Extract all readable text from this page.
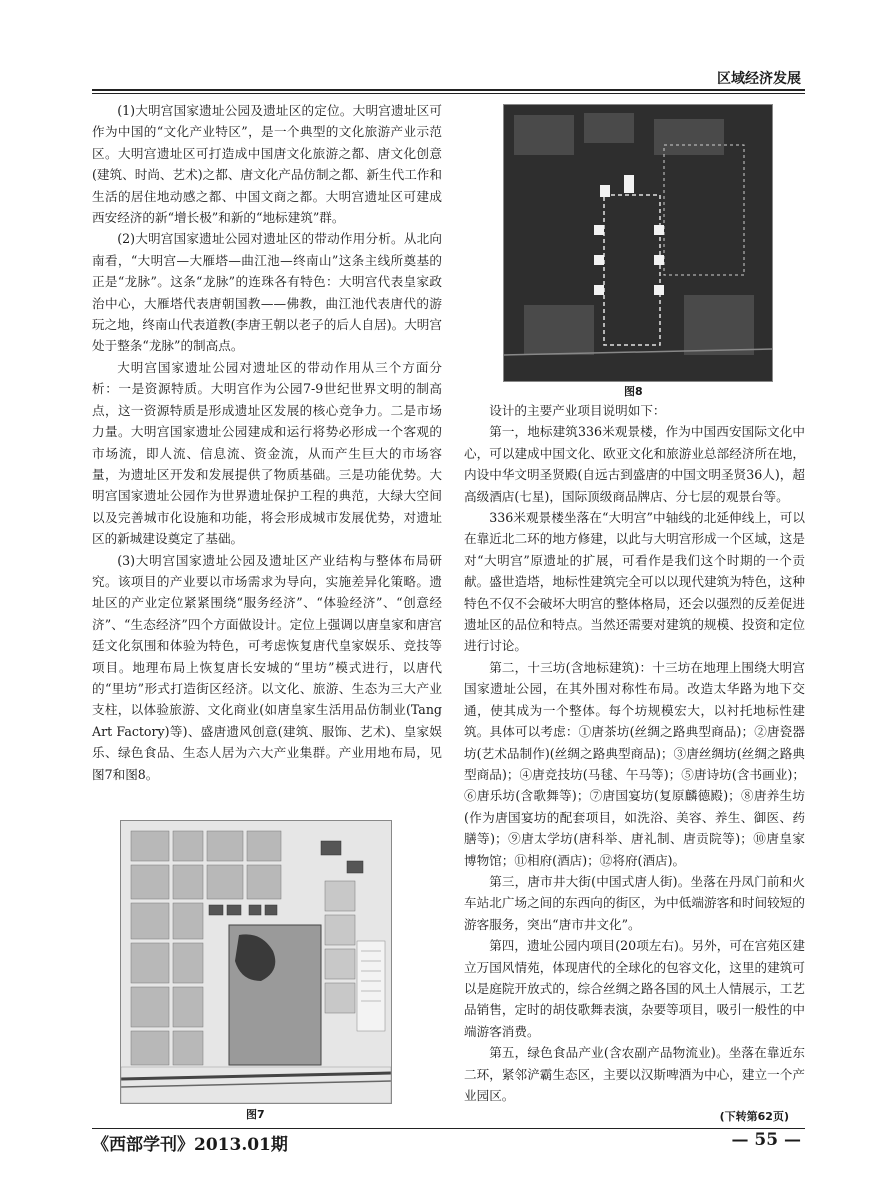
区域经济发展

(1)大明宫国家遗址公园及遗址区的定位。大明宫遗址区可作为中国的“文化产业特区”，是一个典型的文化旅游产业示范区。大明宫遗址区可打造成中国唐文化旅游之都、唐文化创意(建筑、时尚、艺术)之都、唐文化产品仿制之都、新生代工作和生活的居住地动感之都、中国文商之都。大明宫遗址区可建成西安经济的新“增长极”和新的“地标建筑”群。

(2)大明宫国家遗址公园对遗址区的带动作用分析。从北向南看，“大明宫—大雁塔—曲江池—终南山”这条主线所奠基的正是“龙脉”。这条“龙脉”的连珠各有特色：大明宫代表皇家政治中心，大雁塔代表唐朝国教——佛教，曲江池代表唐代的游玩之地，终南山代表道教(李唐王朝以老子的后人自居)。大明宫处于整条“龙脉”的制高点。

大明宫国家遗址公园对遗址区的带动作用从三个方面分析：一是资源特质。大明宫作为公园7-9世纪世界文明的制高点，这一资源特质是形成遗址区发展的核心竞争力。二是市场力量。大明宫国家遗址公园建成和运行将势必形成一个客观的市场流，即人流、信息流、资金流，从而产生巨大的市场容量，为遗址区开发和发展提供了物质基础。三是功能优势。大明宫国家遗址公园作为世界遗址保护工程的典范，大绿大空间以及完善城市化设施和功能，将会形成城市发展优势，对遗址区的新城建设奠定了基础。

(3)大明宫国家遗址公园及遗址区产业结构与整体布局研究。该项目的产业要以市场需求为导向，实施差异化策略。遗址区的产业定位紧紧围绕“服务经济”、“体验经济”、“创意经济”、“生态经济”四个方面做设计。定位上强调以唐皇家和唐宫廷文化氛围和体验为特色，可考虑恢复唐代皇家娱乐、竞技等项目。地理布局上恢复唐长安城的“里坊”模式进行，以唐代的“里坊”形式打造街区经济。以文化、旅游、生态为三大产业支柱，以体验旅游、文化商业(如唐皇家生活用品仿制业(Tang Art Factory)等)、盛唐遗风创意(建筑、服饰、艺术)、皇家娱乐、绿色食品、生态人居为六大产业集群。产业用地布局，见图7和图8。

图7
图8

设计的主要产业项目说明如下：

第一，地标建筑336米观景楼，作为中国西安国际文化中心，可以建成中国文化、欧亚文化和旅游业总部经济所在地，内设中华文明圣贤殿(自远古到盛唐的中国文明圣贤36人)，超高级酒店(七星)，国际顶级商品牌店、分七层的观景台等。

336米观景楼坐落在“大明宫”中轴线的北延伸线上，可以在靠近北二环的地方修建，以此与大明宫形成一个区域，这是对“大明宫”原遗址的扩展，可看作是我们这个时期的一个贡献。盛世造塔，地标性建筑完全可以以现代建筑为特色，这种特色不仅不会破坏大明宫的整体格局，还会以强烈的反差促进遗址区的品位和特点。当然还需要对建筑的规模、投资和定位进行讨论。

第二，十三坊(含地标建筑)：十三坊在地理上围绕大明宫国家遗址公园，在其外围对称性布局。改造太华路为地下交通，使其成为一个整体。每个坊规模宏大，以衬托地标性建筑。具体可以考虑：①唐茶坊(丝绸之路典型商品)；②唐瓷器坊(艺术品制作)(丝绸之路典型商品)；③唐丝绸坊(丝绸之路典型商品)；④唐竞技坊(马毬、午马等)；⑤唐诗坊(含书画业)；⑥唐乐坊(含歌舞等)；⑦唐国宴坊(复原麟德殿)；⑧唐养生坊(作为唐国宴坊的配套项目，如洗浴、美容、养生、御医、药膳等)；⑨唐太学坊(唐科举、唐礼制、唐贡院等)；⑩唐皇家博物馆；⑪相府(酒店)；⑫将府(酒店)。

第三，唐市井大街(中国式唐人街)。坐落在丹凤门前和火车站北广场之间的东西向的街区，为中低端游客和时间较短的游客服务，突出“唐市井文化”。

第四，遗址公园内项目(20项左右)。另外，可在宫苑区建立万国风情苑，体现唐代的全球化的包容文化，这里的建筑可以是庭院开放式的，综合丝绸之路各国的风土人情展示，工艺品销售，定时的胡伎歌舞表演，杂要等项目，吸引一般性的中端游客消费。

第五，绿色食品产业(含农副产品物流业)。坐落在靠近东二环，紧邻浐霸生态区，主要以汉斯啤酒为中心，建立一个产业园区。

(下转第62页)
《西部学刊》2013.01期	— 55 —
